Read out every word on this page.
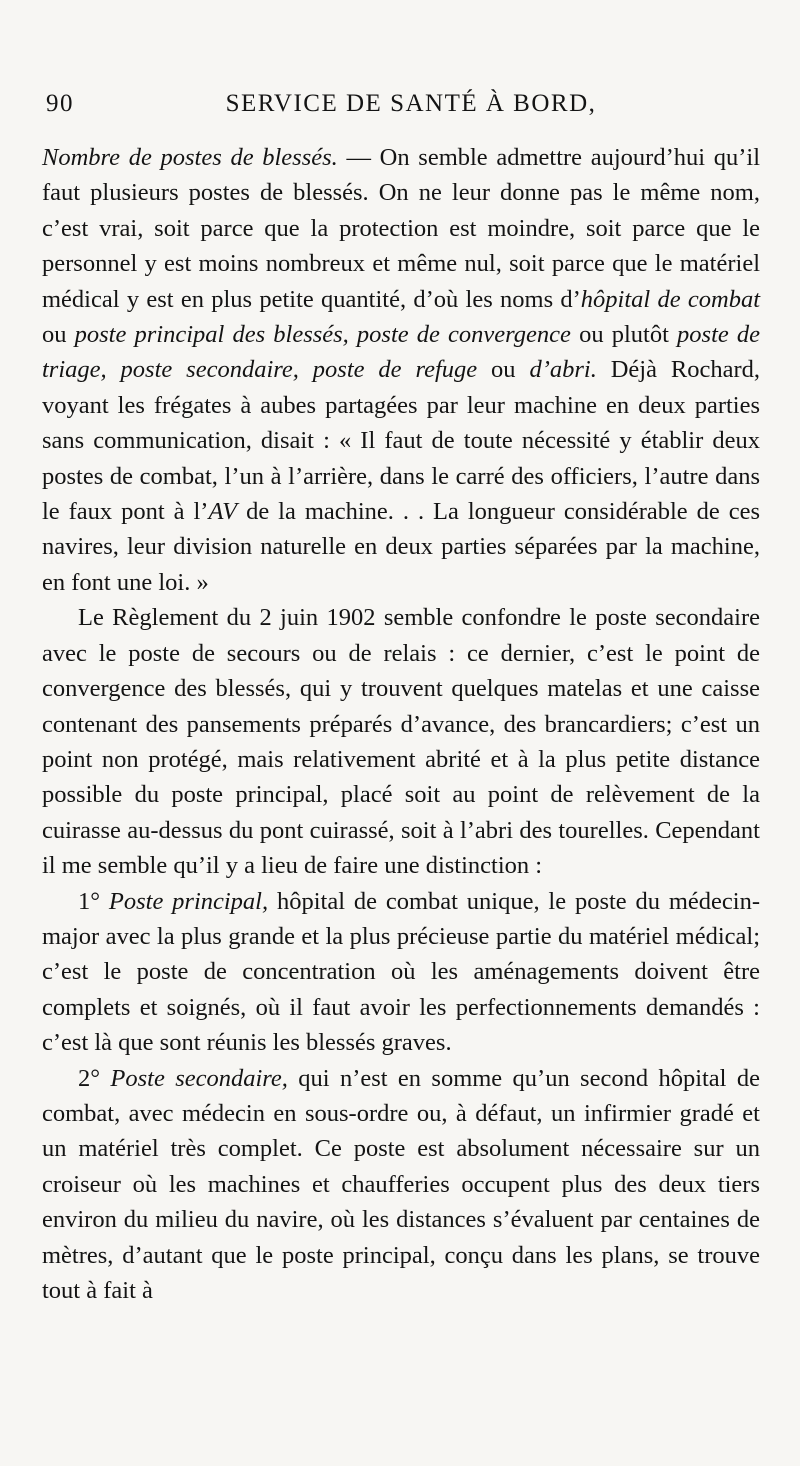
90	SERVICE DE SANTÉ À BORD,

Nombre de postes de blessés. — On semble admettre aujourd’hui qu’il faut plusieurs postes de blessés. On ne leur donne pas le même nom, c’est vrai, soit parce que la protection est moindre, soit parce que le personnel y est moins nombreux et même nul, soit parce que le matériel médical y est en plus petite quantité, d’où les noms d’hôpital de combat ou poste principal des blessés, poste de convergence ou plutôt poste de triage, poste secondaire, poste de refuge ou d’abri. Déjà Rochard, voyant les frégates à aubes partagées par leur machine en deux parties sans communication, disait : « Il faut de toute nécessité y établir deux postes de combat, l’un à l’arrière, dans le carré des officiers, l’autre dans le faux pont à l’AV de la machine. . . La longueur considérable de ces navires, leur division naturelle en deux parties séparées par la machine, en font une loi. »

Le Règlement du 2 juin 1902 semble confondre le poste secondaire avec le poste de secours ou de relais : ce dernier, c’est le point de convergence des blessés, qui y trouvent quelques matelas et une caisse contenant des pansements préparés d’avance, des brancardiers; c’est un point non protégé, mais relativement abrité et à la plus petite distance possible du poste principal, placé soit au point de relèvement de la cuirasse au-dessus du pont cuirassé, soit à l’abri des tourelles. Cependant il me semble qu’il y a lieu de faire une distinction :

1° Poste principal, hôpital de combat unique, le poste du médecin-major avec la plus grande et la plus précieuse partie du matériel médical; c’est le poste de concentration où les aménagements doivent être complets et soignés, où il faut avoir les perfectionnements demandés : c’est là que sont réunis les blessés graves.

2° Poste secondaire, qui n’est en somme qu’un second hôpital de combat, avec médecin en sous-ordre ou, à défaut, un infirmier gradé et un matériel très complet. Ce poste est absolument nécessaire sur un croiseur où les machines et chaufferies occupent plus des deux tiers environ du milieu du navire, où les distances s’évaluent par centaines de mètres, d’autant que le poste principal, conçu dans les plans, se trouve tout à fait à
